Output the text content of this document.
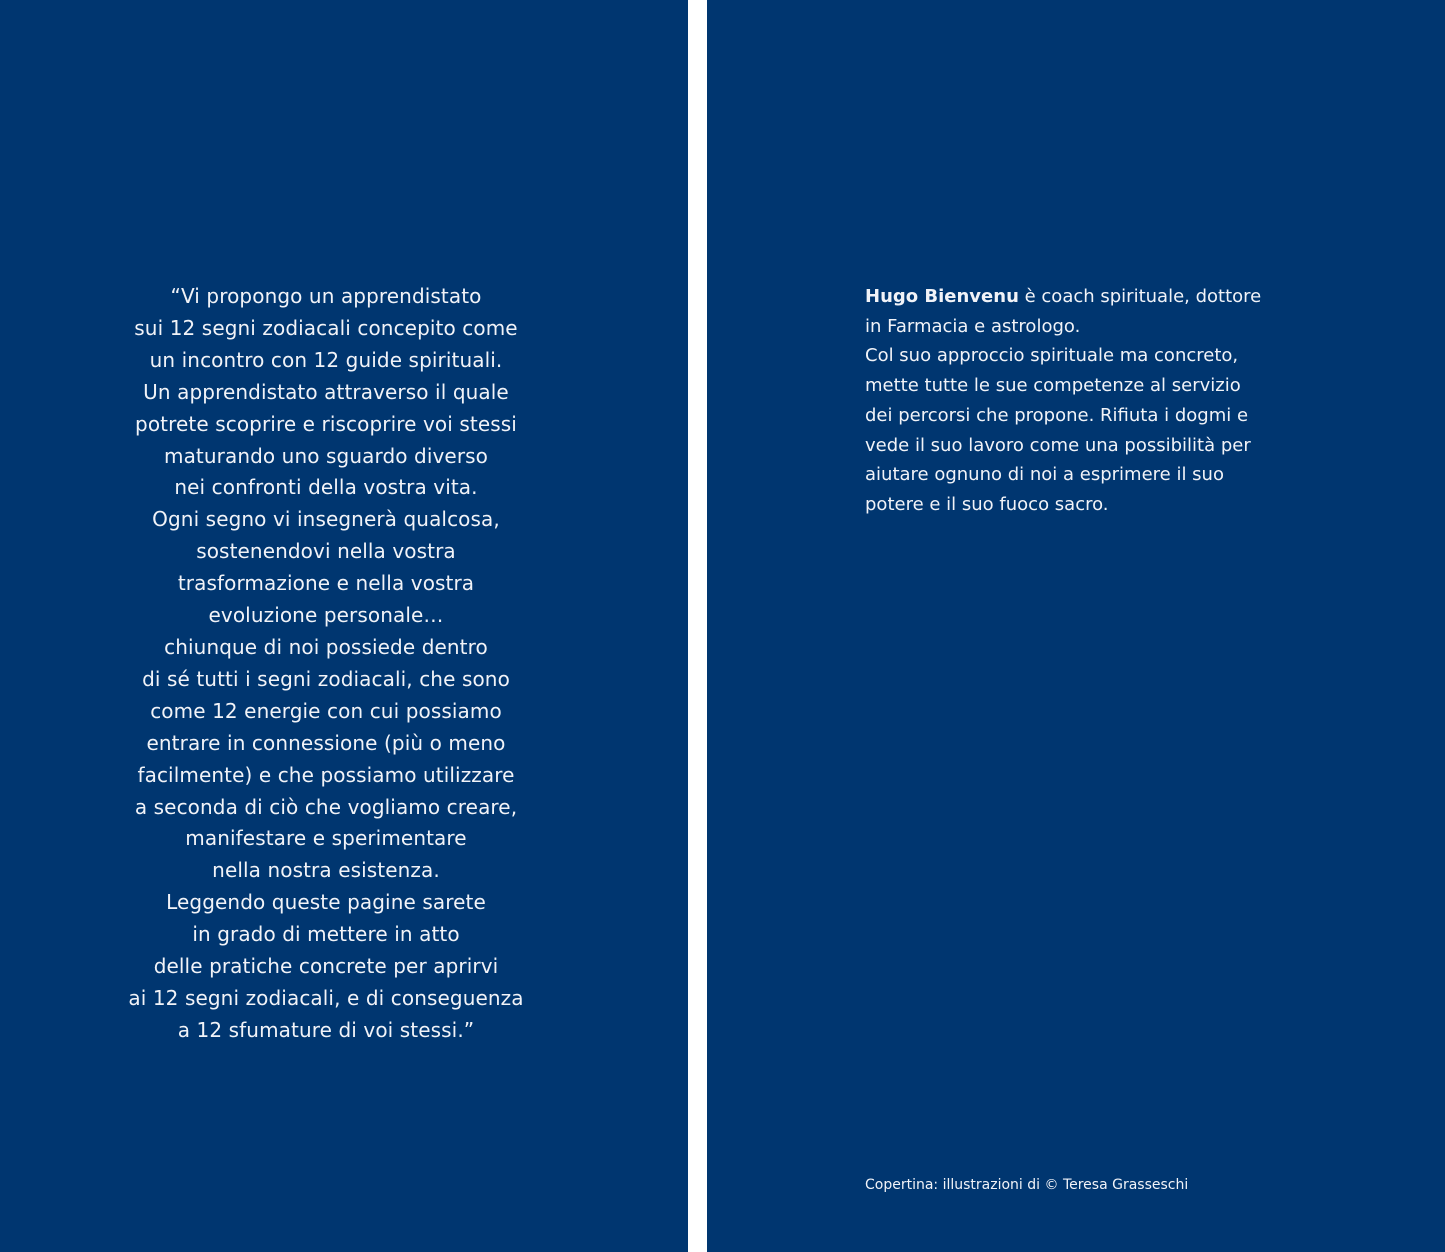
“Vi propongo un apprendistato
sui 12 segni zodiacali concepito come
un incontro con 12 guide spirituali.
Un apprendistato attraverso il quale
potrete scoprire e riscoprire voi stessi
maturando uno sguardo diverso
nei confronti della vostra vita.
Ogni segno vi insegnerà qualcosa,
sostenendovi nella vostra
trasformazione e nella vostra
evoluzione personale…
chiunque di noi possiede dentro
di sé tutti i segni zodiacali, che sono
come 12 energie con cui possiamo
entrare in connessione (più o meno
facilmente) e che possiamo utilizzare
a seconda di ciò che vogliamo creare,
manifestare e sperimentare
nella nostra esistenza.
Leggendo queste pagine sarete
in grado di mettere in atto
delle pratiche concrete per aprirvi
ai 12 segni zodiacali, e di conseguenza
a 12 sfumature di voi stessi.”

Hugo Bienvenu è coach spirituale, dottore
in Farmacia e astrologo.
Col suo approccio spirituale ma concreto,
mette tutte le sue competenze al servizio
dei percorsi che propone. Rifiuta i dogmi e
vede il suo lavoro come una possibilità per
aiutare ognuno di noi a esprimere il suo
potere e il suo fuoco sacro.

Copertina: illustrazioni di © Teresa Grasseschi
